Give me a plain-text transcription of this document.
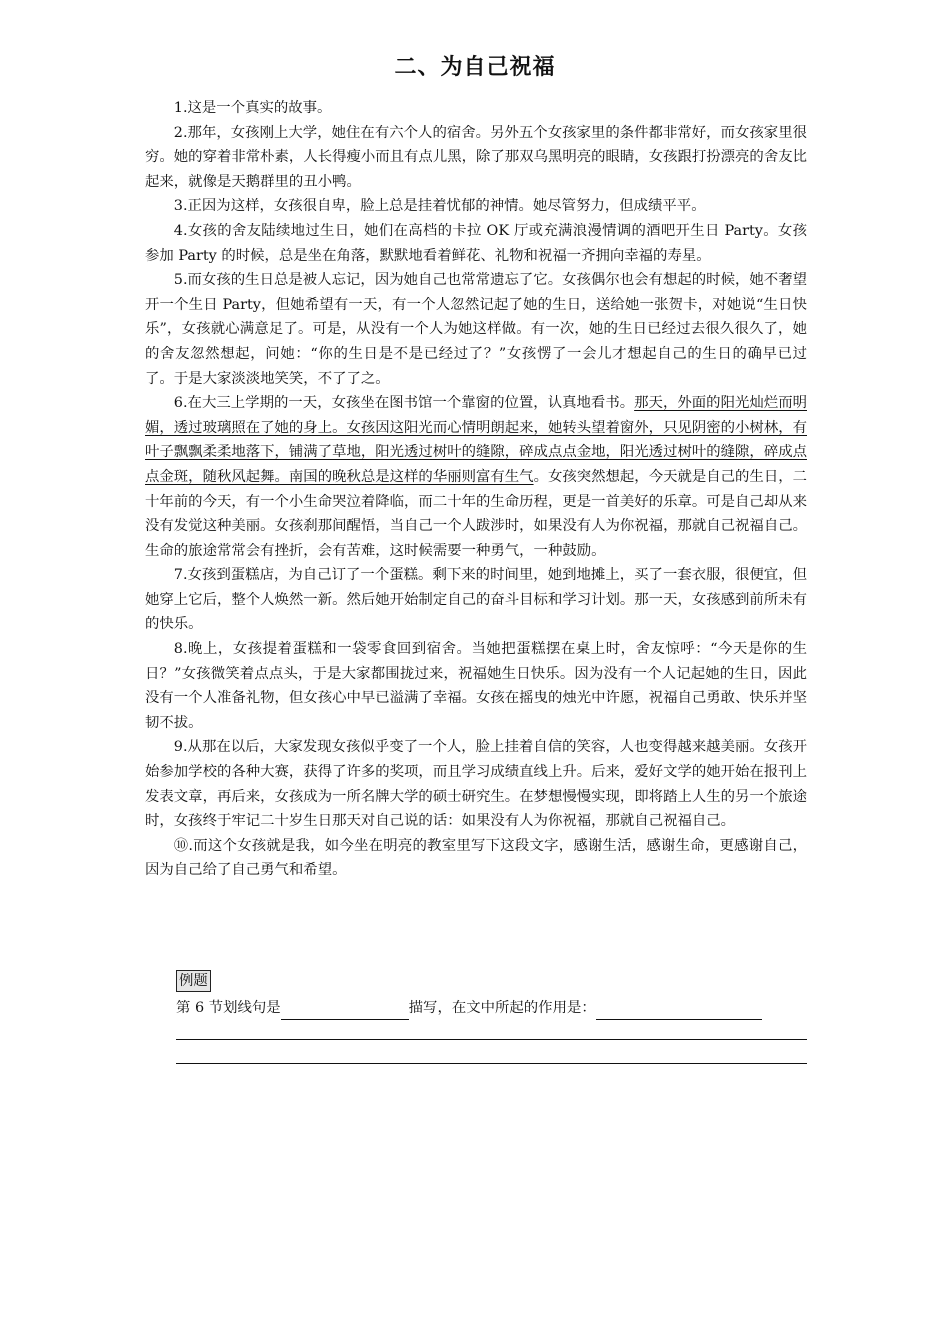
二、为自己祝福

1.这是一个真实的故事。

2.那年，女孩刚上大学，她住在有六个人的宿舍。另外五个女孩家里的条件都非常好，而女孩家里很穷。她的穿着非常朴素，人长得瘦小而且有点儿黑，除了那双乌黑明亮的眼睛，女孩跟打扮漂亮的舍友比起来，就像是天鹅群里的丑小鸭。

3.正因为这样，女孩很自卑，脸上总是挂着忧郁的神情。她尽管努力，但成绩平平。

4.女孩的舍友陆续地过生日，她们在高档的卡拉 OK 厅或充满浪漫情调的酒吧开生日 Party。女孩参加 Party 的时候，总是坐在角落，默默地看着鲜花、礼物和祝福一齐拥向幸福的寿星。

5.而女孩的生日总是被人忘记，因为她自己也常常遗忘了它。女孩偶尔也会有想起的时候，她不奢望开一个生日 Party，但她希望有一天，有一个人忽然记起了她的生日，送给她一张贺卡，对她说“生日快乐”，女孩就心满意足了。可是，从没有一个人为她这样做。有一次，她的生日已经过去很久很久了，她的舍友忽然想起，问她：“你的生日是不是已经过了？”女孩愣了一会儿才想起自己的生日的确早已过了。于是大家淡淡地笑笑，不了了之。

6.在大三上学期的一天，女孩坐在图书馆一个靠窗的位置，认真地看书。那天，外面的阳光灿烂而明媚，透过玻璃照在了她的身上。女孩因这阳光而心情明朗起来，她转头望着窗外，只见阴密的小树林，有叶子飘飘柔柔地落下，铺满了草地，阳光透过树叶的缝隙，碎成点点金地，阳光透过树叶的缝隙，碎成点点金斑，随秋风起舞。南国的晚秋总是这样的华丽则富有生气。女孩突然想起，今天就是自己的生日，二十年前的今天，有一个小生命哭泣着降临，而二十年的生命历程，更是一首美好的乐章。可是自己却从来没有发觉这种美丽。女孩刹那间醒悟，当自己一个人跋涉时，如果没有人为你祝福，那就自己祝福自己。生命的旅途常常会有挫折，会有苦难，这时候需要一种勇气，一种鼓励。

7.女孩到蛋糕店，为自己订了一个蛋糕。剩下来的时间里，她到地摊上，买了一套衣服，很便宜，但她穿上它后，整个人焕然一新。然后她开始制定自己的奋斗目标和学习计划。那一天，女孩感到前所未有的快乐。

8.晚上，女孩提着蛋糕和一袋零食回到宿舍。当她把蛋糕摆在桌上时，舍友惊呼：“今天是你的生日？”女孩微笑着点点头，于是大家都围拢过来，祝福她生日快乐。因为没有一个人记起她的生日，因此没有一个人准备礼物，但女孩心中早已溢满了幸福。女孩在摇曳的烛光中许愿，祝福自己勇敢、快乐并坚韧不拔。

9.从那在以后，大家发现女孩似乎变了一个人，脸上挂着自信的笑容，人也变得越来越美丽。女孩开始参加学校的各种大赛，获得了许多的奖项，而且学习成绩直线上升。后来，爱好文学的她开始在报刊上发表文章，再后来，女孩成为一所名牌大学的硕士研究生。在梦想慢慢实现，即将踏上人生的另一个旅途时，女孩终于牢记二十岁生日那天对自己说的话：如果没有人为你祝福，那就自己祝福自己。

⑩.而这个女孩就是我，如今坐在明亮的教室里写下这段文字，感谢生活，感谢生命，更感谢自己，因为自己给了自己勇气和希望。

例题
第 6 节划线句是	描写，在文中所起的作用是：
